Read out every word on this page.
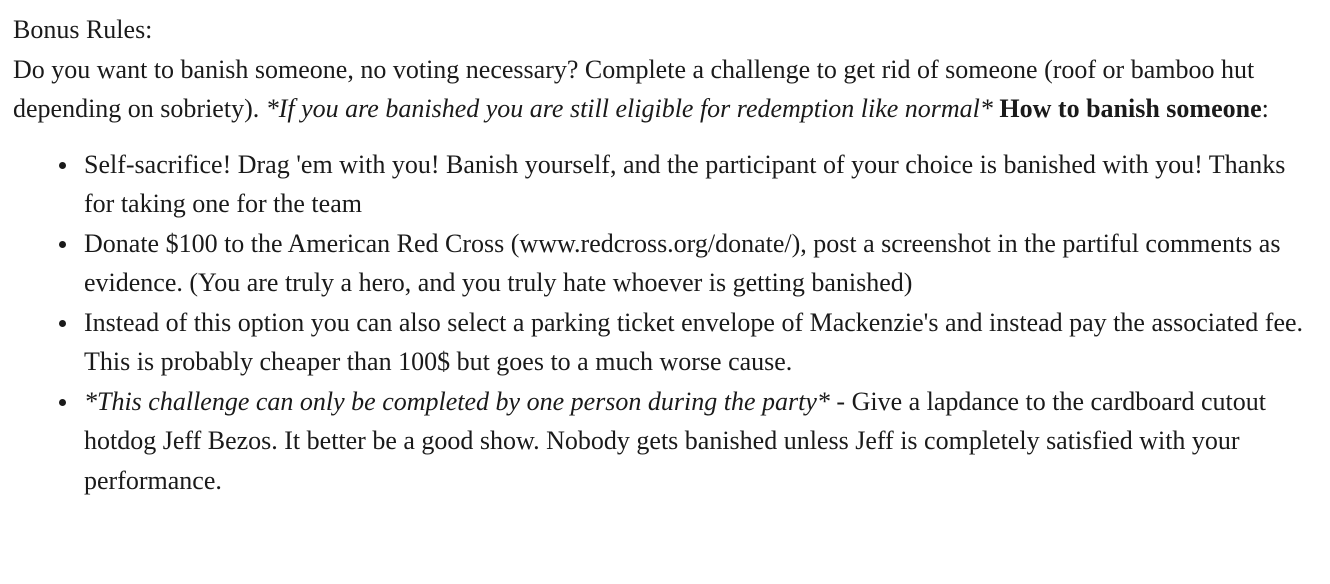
Bonus Rules:

Do you want to banish someone, no voting necessary? Complete a challenge to get rid of someone (roof or bamboo hut depending on sobriety). *If you are banished you are still eligible for redemption like normal* How to banish someone:

Self-sacrifice! Drag 'em with you! Banish yourself, and the participant of your choice is banished with you! Thanks for taking one for the team
Donate $100 to the American Red Cross (www.redcross.org/donate/), post a screenshot in the partiful comments as evidence. (You are truly a hero, and you truly hate whoever is getting banished)
Instead of this option you can also select a parking ticket envelope of Mackenzie's and instead pay the associated fee. This is probably cheaper than 100$ but goes to a much worse cause.
*This challenge can only be completed by one person during the party* - Give a lapdance to the cardboard cutout hotdog Jeff Bezos. It better be a good show. Nobody gets banished unless Jeff is completely satisfied with your performance.
